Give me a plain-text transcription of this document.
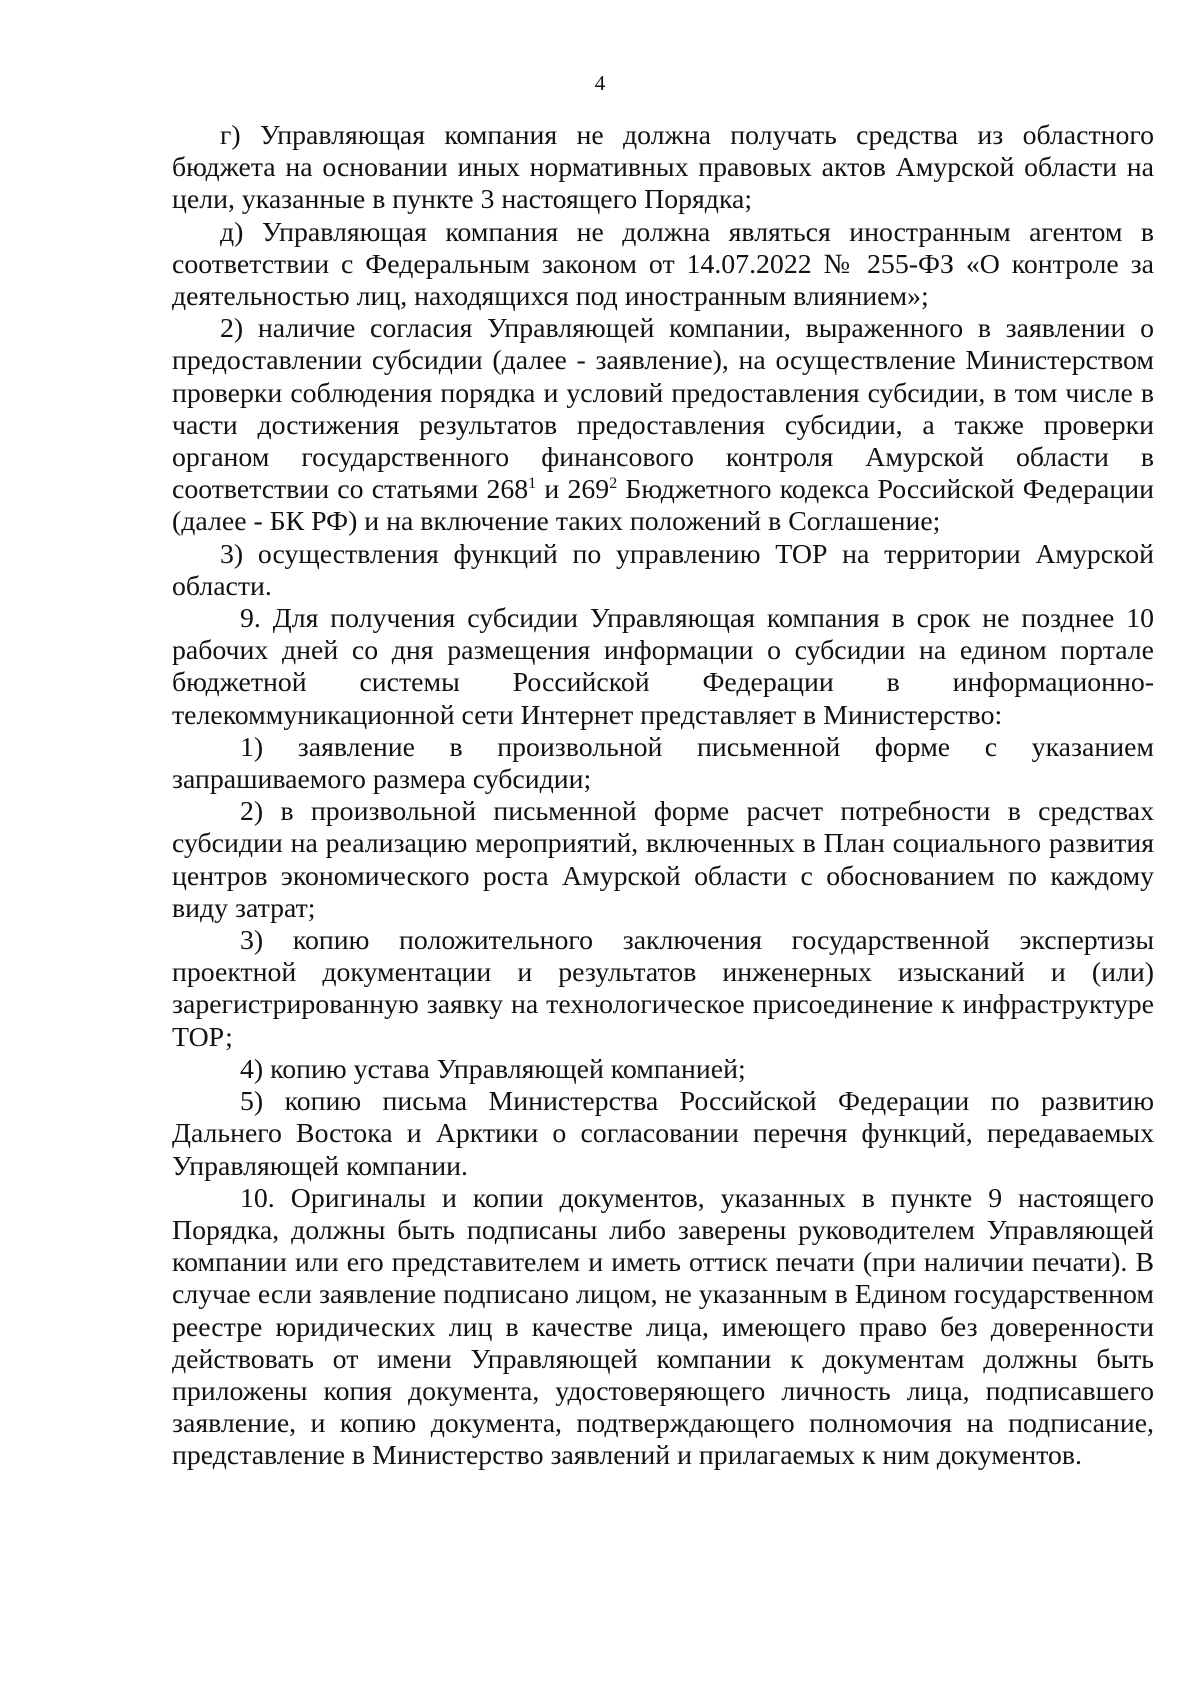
4

г) Управляющая компания не должна получать средства из областного бюджета на основании иных нормативных правовых актов Амурской области на цели, указанные в пункте 3 настоящего Порядка;

д) Управляющая компания не должна являться иностранным агентом в соответствии с Федеральным законом от 14.07.2022 № 255-ФЗ «О контроле за деятельностью лиц, находящихся под иностранным влиянием»;

2) наличие согласия Управляющей компании, выраженного в заявлении о предоставлении субсидии (далее - заявление), на осуществление Министерством проверки соблюдения порядка и условий предоставления субсидии, в том числе в части достижения результатов предоставления субсидии, а также проверки органом государственного финансового контроля Амурской области в соответствии со статьями $268^1$ и $269^2$ Бюджетного кодекса Российской Федерации (далее - БК РФ) и на включение таких положений в Соглашение;

3) осуществления функций по управлению ТОР на территории Амурской области.

9. Для получения субсидии Управляющая компания в срок не позднее 10 рабочих дней со дня размещения информации о субсидии на едином портале бюджетной системы Российской Федерации в информационно-телекоммуникационной сети Интернет представляет в Министерство:

1) заявление в произвольной письменной форме с указанием запрашиваемого размера субсидии;

2) в произвольной письменной форме расчет потребности в средствах субсидии на реализацию мероприятий, включенных в План социального развития центров экономического роста Амурской области с обоснованием по каждому виду затрат;

3) копию положительного заключения государственной экспертизы проектной документации и результатов инженерных изысканий и (или) зарегистрированную заявку на технологическое присоединение к инфраструктуре ТОР;

4) копию устава Управляющей компанией;

5) копию письма Министерства Российской Федерации по развитию Дальнего Востока и Арктики о согласовании перечня функций, передаваемых Управляющей компании.

10. Оригиналы и копии документов, указанных в пункте 9 настоящего Порядка, должны быть подписаны либо заверены руководителем Управляющей компании или его представителем и иметь оттиск печати (при наличии печати). В случае если заявление подписано лицом, не указанным в Едином государственном реестре юридических лиц в качестве лица, имеющего право без доверенности действовать от имени Управляющей компании к документам должны быть приложены копия документа, удостоверяющего личность лица, подписавшего заявление, и копию документа, подтверждающего полномочия на подписание, представление в Министерство заявлений и прилагаемых к ним документов.
